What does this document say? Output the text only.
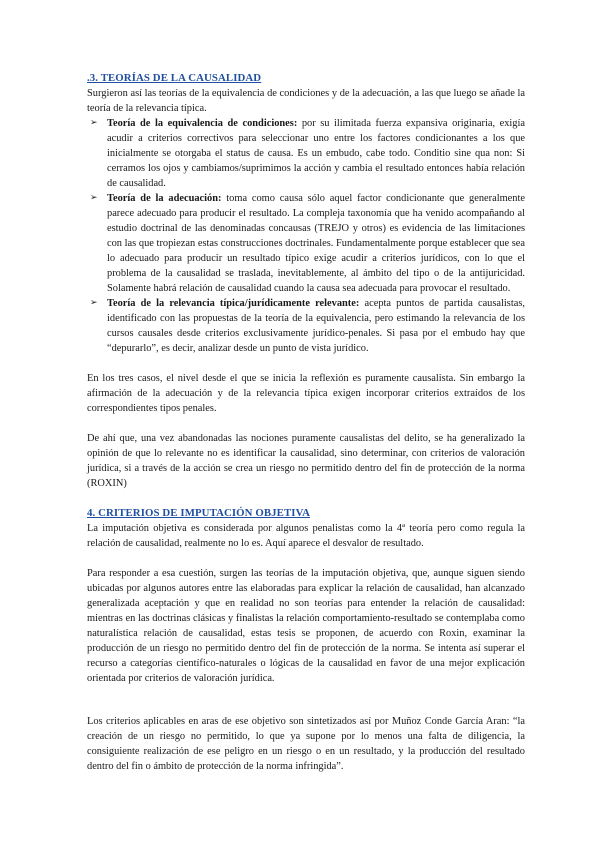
.3. TEORÍAS DE LA CAUSALIDAD

Surgieron así las teorías de la equivalencia de condiciones y de la adecuación, a las que luego se añade la teoría de la relevancia típica.

➢ Teoría de la equivalencia de condiciones: por su ilimitada fuerza expansiva originaria, exigía acudir a criterios correctivos para seleccionar uno entre los factores condicionantes a los que inicialmente se otorgaba el status de causa. Es un embudo, cabe todo. Conditio sine qua non: Si cerramos los ojos y cambiamos/suprimimos la acción y cambia el resultado entonces había relación de causalidad.
➢ Teoría de la adecuación: toma como causa sólo aquel factor condicionante que generalmente parece adecuado para producir el resultado. La compleja taxonomía que ha venido acompañando al estudio doctrinal de las denominadas concausas (TREJO y otros) es evidencia de las limitaciones con las que tropiezan estas construcciones doctrinales. Fundamentalmente porque establecer que sea lo adecuado para producir un resultado típico exige acudir a criterios jurídicos, con lo que el problema de la causalidad se traslada, inevitablemente, al ámbito del tipo o de la antijuricidad. Solamente habrá relación de causalidad cuando la causa sea adecuada para provocar el resultado.
➢ Teoría de la relevancia típica/jurídicamente relevante: acepta puntos de partida causalistas, identificado con las propuestas de la teoría de la equivalencia, pero estimando la relevancia de los cursos causales desde criterios exclusivamente jurídico-penales. Si pasa por el embudo hay que “depurarlo”, es decir, analizar desde un punto de vista jurídico.

En los tres casos, el nivel desde el que se inicia la reflexión es puramente causalista. Sin embargo la afirmación de la adecuación y de la relevancia típica exigen incorporar criterios extraídos de los correspondientes tipos penales.

De ahí que, una vez abandonadas las nociones puramente causalistas del delito, se ha generalizado la opinión de que lo relevante no es identificar la causalidad, sino determinar, con criterios de valoración jurídica, si a través de la acción se crea un riesgo no permitido dentro del fin de protección de la norma (ROXIN)

4. CRITERIOS DE IMPUTACIÓN OBJETIVA

La imputación objetiva es considerada por algunos penalistas como la 4ª teoría pero como regula la relación de causalidad, realmente no lo es. Aquí aparece el desvalor de resultado.

Para responder a esa cuestión, surgen las teorías de la imputación objetiva, que, aunque siguen siendo ubicadas por algunos autores entre las elaboradas para explicar la relación de causalidad, han alcanzado generalizada aceptación y que en realidad no son teorías para entender la relación de causalidad: mientras en las doctrinas clásicas y finalistas la relación comportamiento-resultado se contemplaba como naturalística relación de causalidad, estas tesis se proponen, de acuerdo con Roxin, examinar la producción de un riesgo no permitido dentro del fin de protección de la norma. Se intenta así superar el recurso a categorías científico-naturales o lógicas de la causalidad en favor de una mejor explicación orientada por criterios de valoración jurídica.

Los criterios aplicables en aras de ese objetivo son sintetizados así por Muñoz Conde García Aran: “la creación de un riesgo no permitido, lo que ya supone por lo menos una falta de diligencia, la consiguiente realización de ese peligro en un riesgo o en un resultado, y la producción del resultado dentro del fin o ámbito de protección de la norma infringida”.
